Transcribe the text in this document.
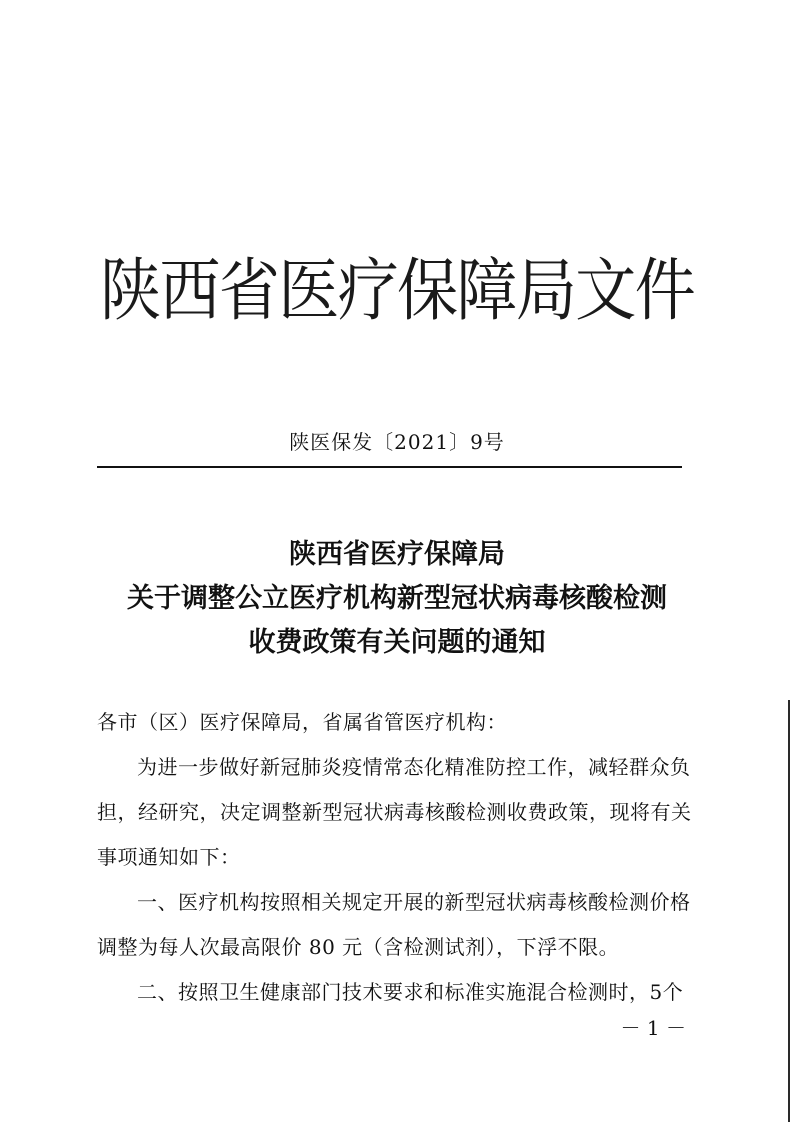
陕西省医疗保障局文件
陕医保发〔2021〕9号
陕西省医疗保障局
关于调整公立医疗机构新型冠状病毒核酸检测
收费政策有关问题的通知

各市（区）医疗保障局，省属省管医疗机构：

为进一步做好新冠肺炎疫情常态化精准防控工作，减轻群众负担，经研究，决定调整新型冠状病毒核酸检测收费政策，现将有关事项通知如下：

一、医疗机构按照相关规定开展的新型冠状病毒核酸检测价格调整为每人次最高限价 80 元（含检测试剂），下浮不限。

二、按照卫生健康部门技术要求和标准实施混合检测时，5个

－ 1 －
